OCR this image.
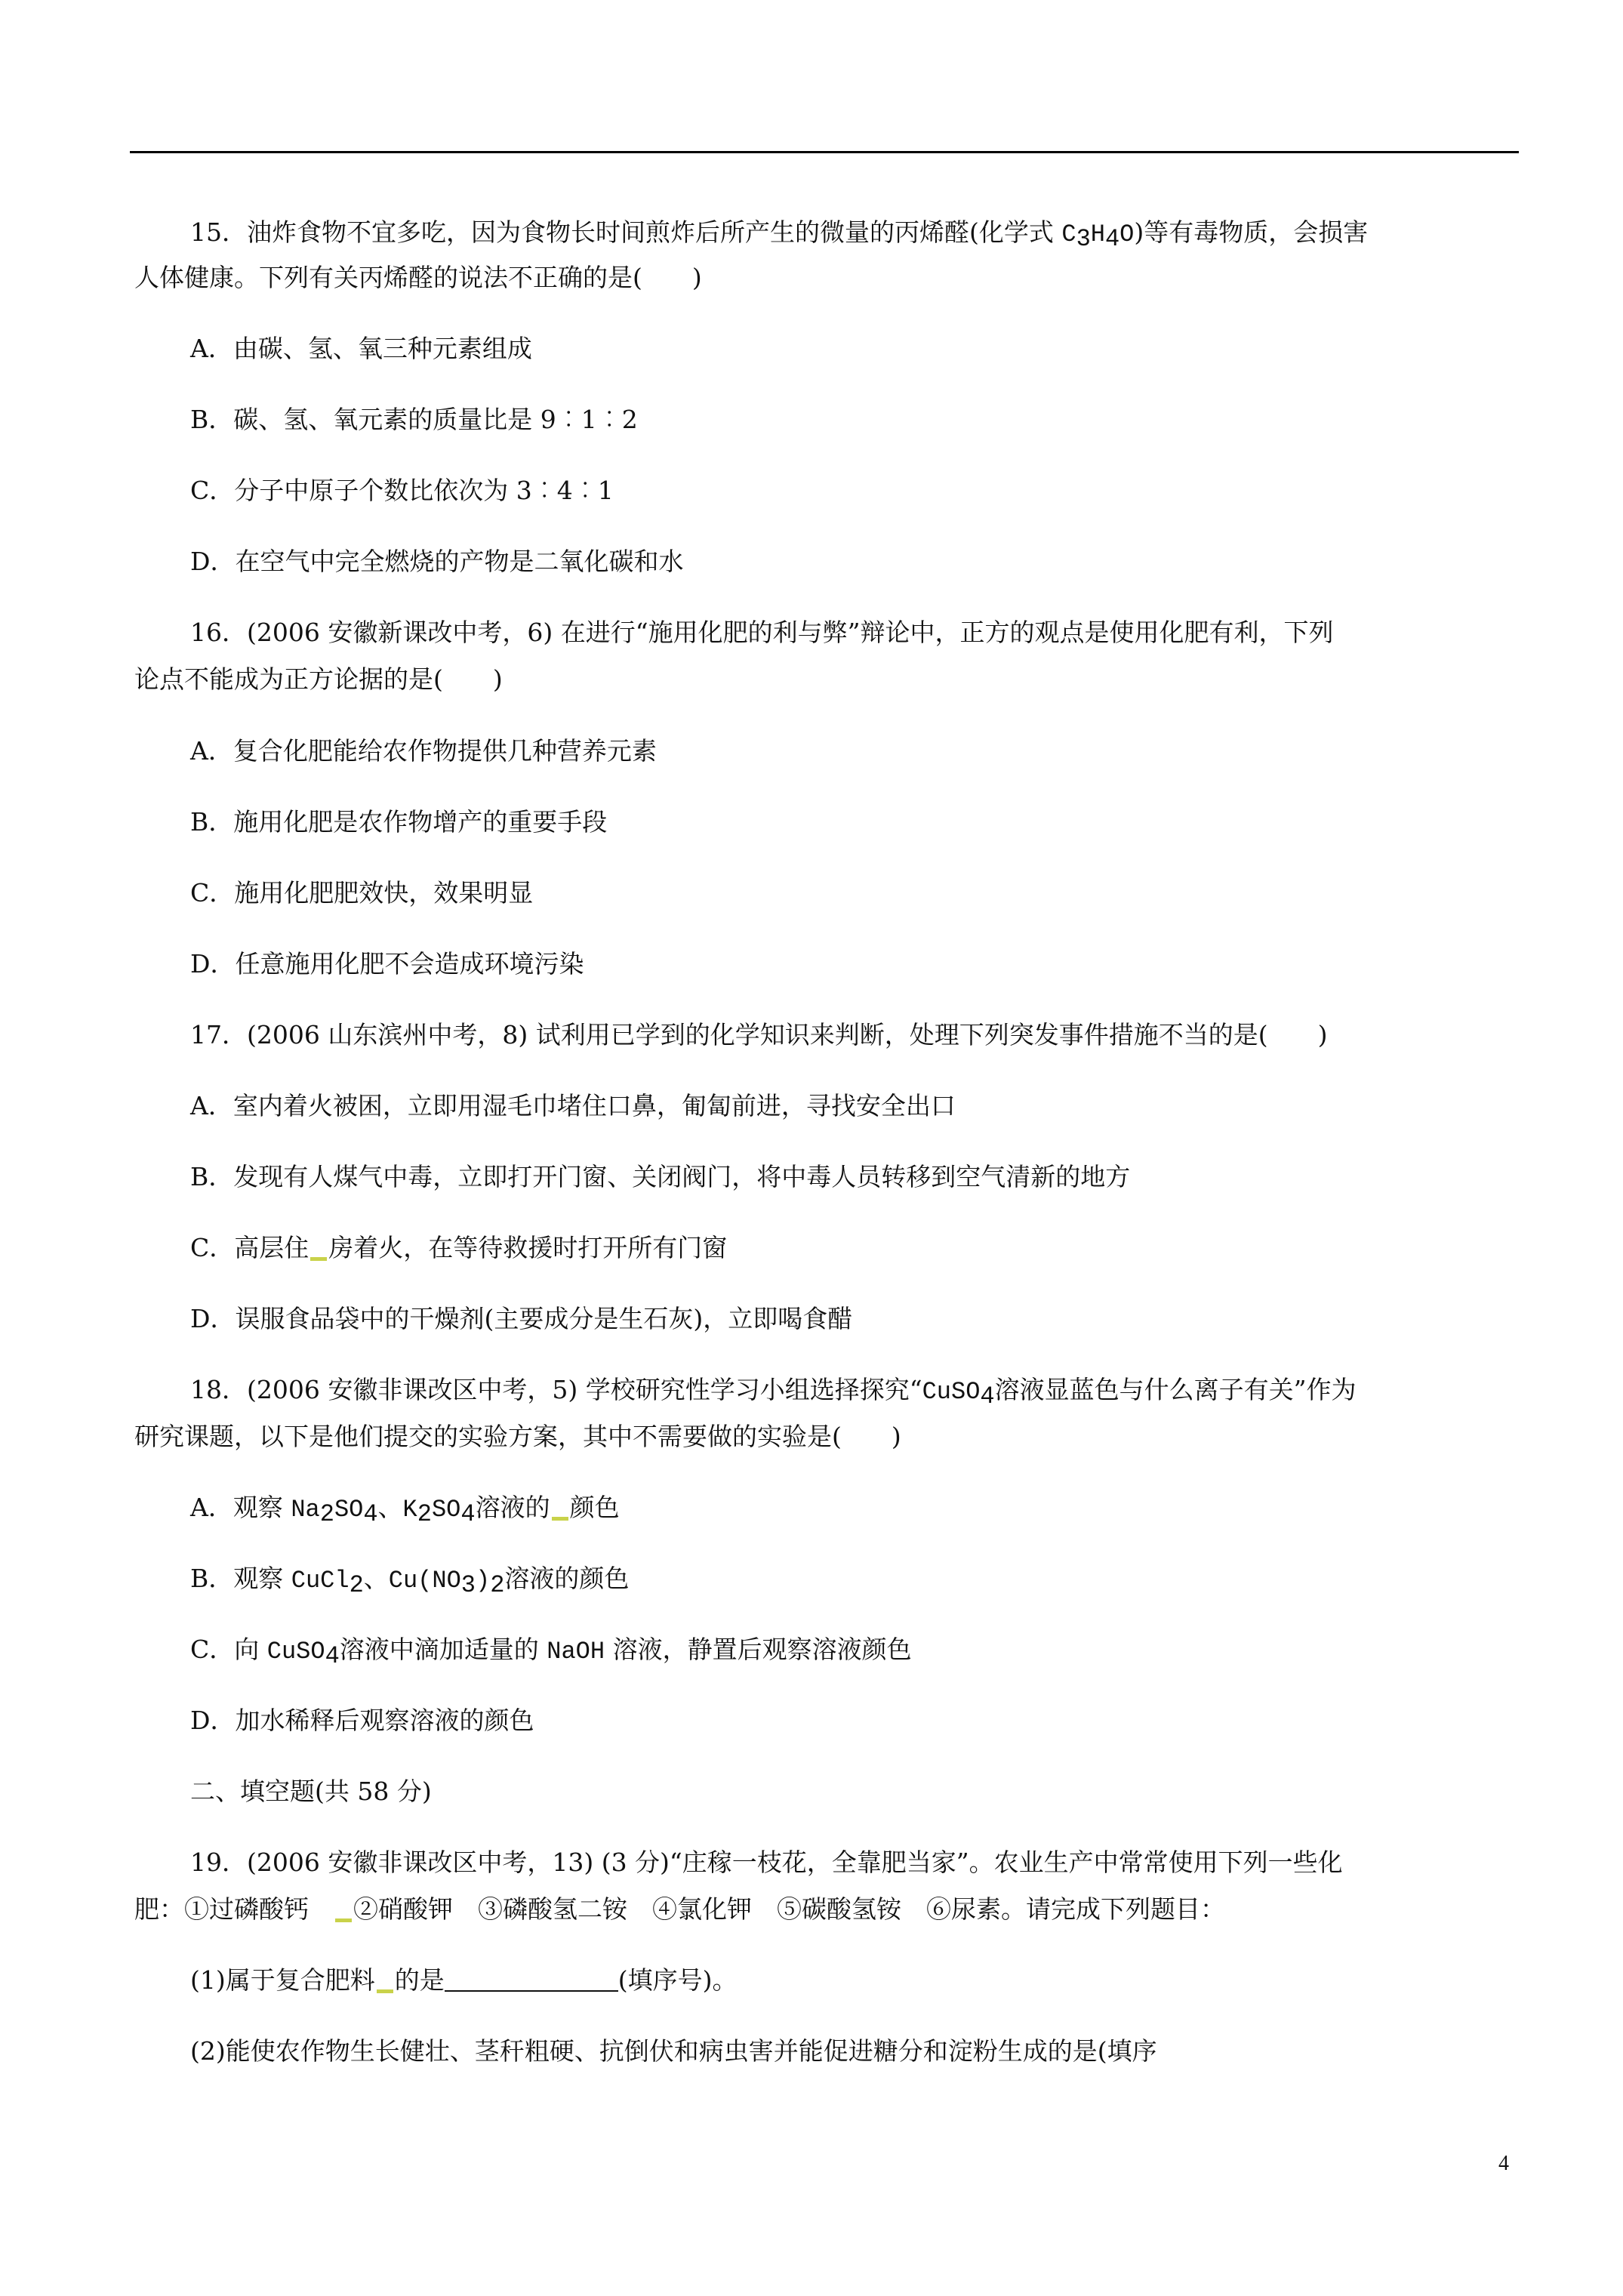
15．油炸食物不宜多吃，因为食物长时间煎炸后所产生的微量的丙烯醛(化学式 $C_3H_4O$)等有毒物质，会损害
人体健康。下列有关丙烯醛的说法不正确的是(　　)
A．由碳、氢、氧三种元素组成
B．碳、氢、氧元素的质量比是 9︰1︰2
C．分子中原子个数比依次为 3︰4︰1
D．在空气中完全燃烧的产物是二氧化碳和水
16．(2006 安徽新课改中考，6) 在进行“施用化肥的利与弊”辩论中，正方的观点是使用化肥有利，下列
论点不能成为正方论据的是(　　)
A．复合化肥能给农作物提供几种营养元素
B．施用化肥是农作物增产的重要手段
C．施用化肥肥效快，效果明显
D．任意施用化肥不会造成环境污染
17．(2006 山东滨州中考，8) 试利用已学到的化学知识来判断，处理下列突发事件措施不当的是(　　)
A．室内着火被困，立即用湿毛巾堵住口鼻，匍匐前进，寻找安全出口
B．发现有人煤气中毒，立即打开门窗、关闭阀门，将中毒人员转移到空气清新的地方
C．高层住 房着火，在等待救援时打开所有门窗
D．误服食品袋中的干燥剂(主要成分是生石灰)，立即喝食醋
18．(2006 安徽非课改区中考，5) 学校研究性学习小组选择探究“CuSO$_4$溶液显蓝色与什么离子有关”作为
研究课题，以下是他们提交的实验方案，其中不需要做的实验是(　　)
A．观察 $Na_2SO_4$、$K_2SO_4$溶液的 颜色
B．观察 CuCl$_2$、$Cu(NO_3)_2$溶液的颜色
C．向 CuSO$_4$溶液中滴加适量的 NaOH 溶液，静置后观察溶液颜色
D．加水稀释后观察溶液的颜色
二、填空题(共 58 分)
19．(2006 安徽非课改区中考，13) (3 分)“庄稼一枝花，全靠肥当家”。农业生产中常常使用下列一些化
肥：①过磷酸钙　②硝酸钾　③磷酸氢二铵　④氯化钾　⑤碳酸氢铵　⑥尿素。请完成下列题目：
(1)属于复合肥料 的是	(填序号)。
(2)能使农作物生长健壮、茎秆粗硬、抗倒伏和病虫害并能促进糖分和淀粉生成的是(填序
4
